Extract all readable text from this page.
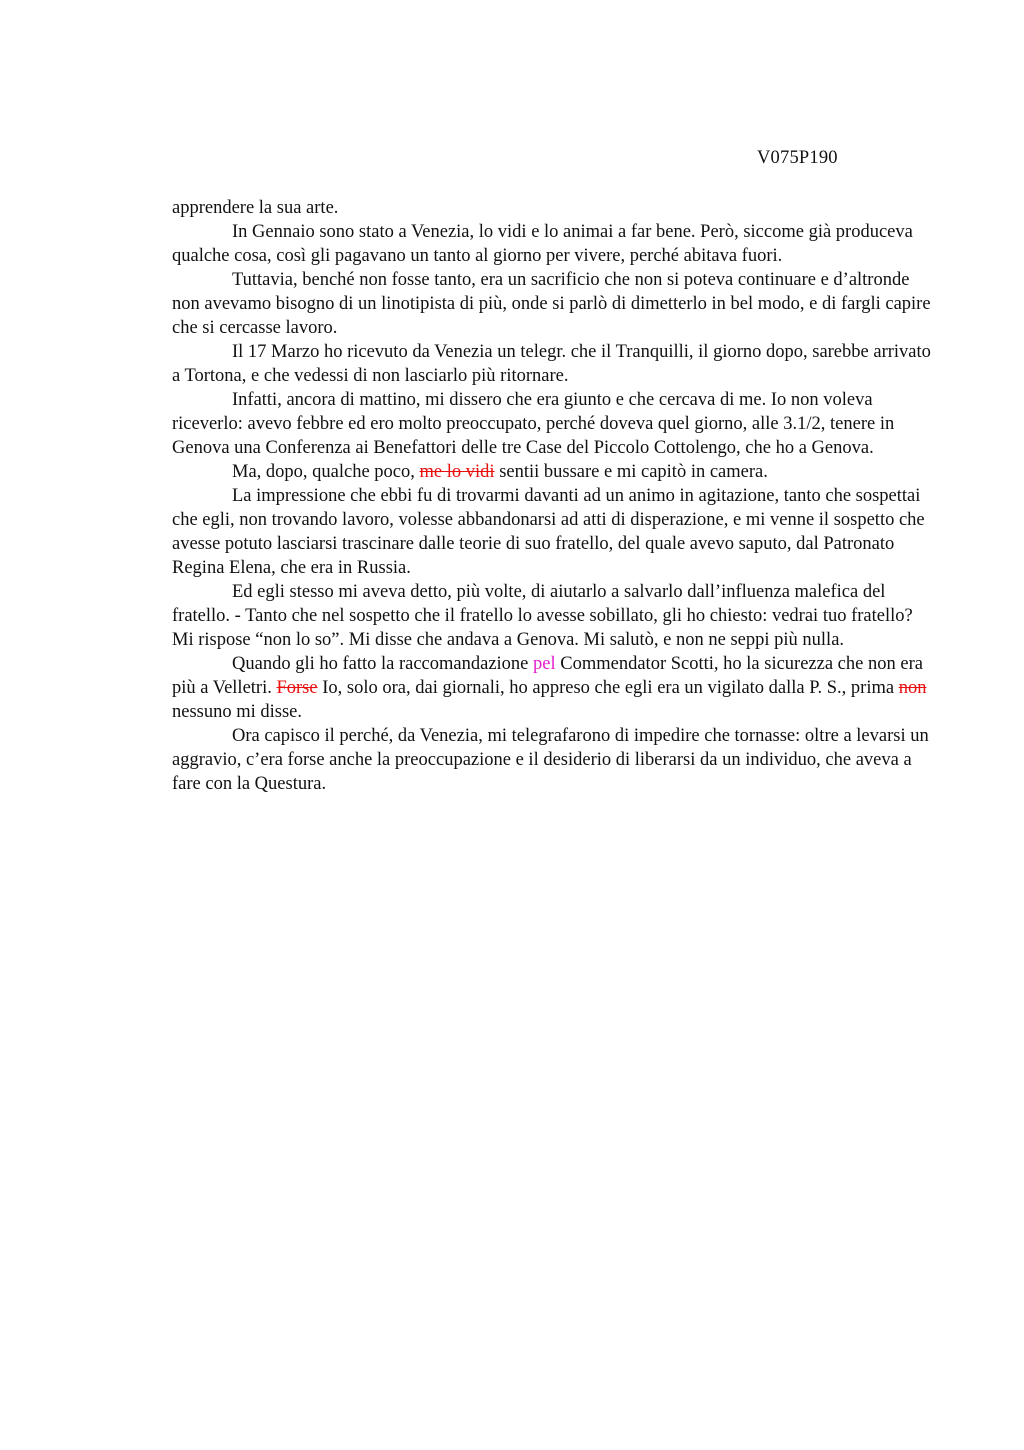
V075P190

apprendere la sua arte.

In Gennaio sono stato a Venezia, lo vidi e lo animai a far bene. Però, siccome già produceva qualche cosa, così gli pagavano un tanto al giorno per vivere, perché abitava fuori.

Tuttavia, benché non fosse tanto, era un sacrificio che non si poteva continuare e d’altronde non avevamo bisogno di un linotipista di più, onde si parlò di dimetterlo in bel modo, e di fargli capire che si cercasse lavoro.

Il 17 Marzo ho ricevuto da Venezia un telegr. che il Tranquilli, il giorno dopo, sarebbe arrivato a Tortona, e che vedessi di non lasciarlo più ritornare.

Infatti, ancora di mattino, mi dissero che era giunto e che cercava di me. Io non voleva riceverlo: avevo febbre ed ero molto preoccupato, perché doveva quel giorno, alle 3.1/2, tenere in Genova una Conferenza ai Benefattori delle tre Case del Piccolo Cottolengo, che ho a Genova.

Ma, dopo, qualche poco, me lo vidi sentii bussare e mi capitò in camera.

La impressione che ebbi fu di trovarmi davanti ad un animo in agitazione, tanto che sospettai che egli, non trovando lavoro, volesse abbandonarsi ad atti di disperazione, e mi venne il sospetto che avesse potuto lasciarsi trascinare dalle teorie di suo fratello, del quale avevo saputo, dal Patronato Regina Elena, che era in Russia.

Ed egli stesso mi aveva detto, più volte, di aiutarlo a salvarlo dall’influenza malefica del fratello. - Tanto che nel sospetto che il fratello lo avesse sobillato, gli ho chiesto: vedrai tuo fratello? Mi rispose “non lo so”. Mi disse che andava a Genova. Mi salutò, e non ne seppi più nulla.

Quando gli ho fatto la raccomandazione pel Commendator Scotti, ho la sicurezza che non era più a Velletri. Forse Io, solo ora, dai giornali, ho appreso che egli era un vigilato dalla P. S., prima non nessuno mi disse.

Ora capisco il perché, da Venezia, mi telegrafarono di impedire che tornasse: oltre a levarsi un aggravio, c’era forse anche la preoccupazione e il desiderio di liberarsi da un individuo, che aveva a fare con la Questura.
